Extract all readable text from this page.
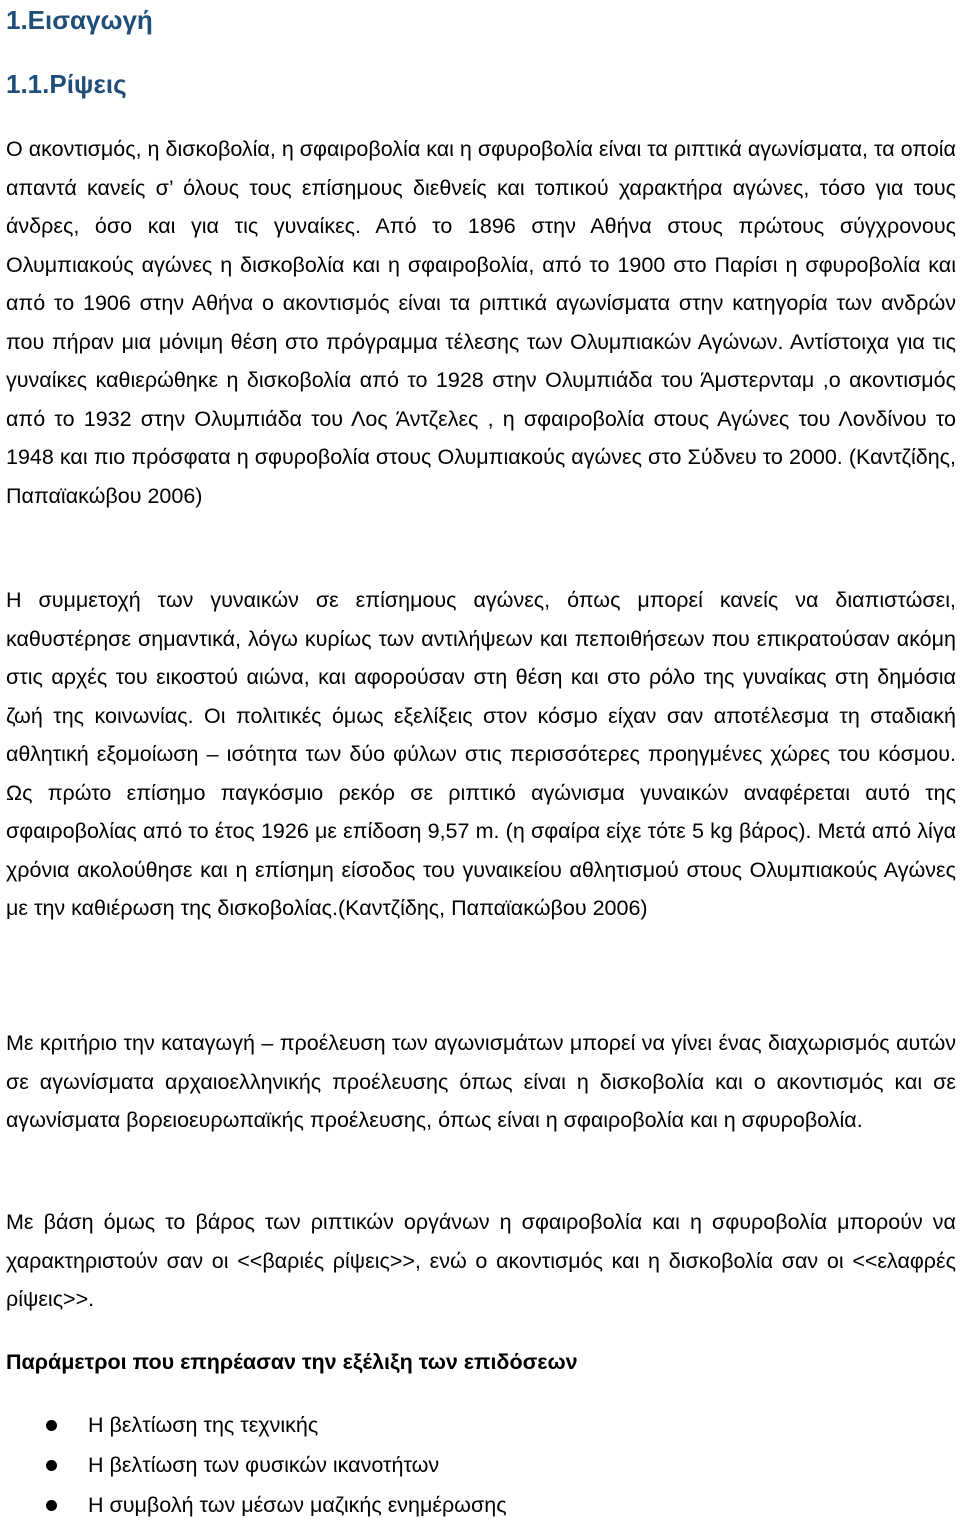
1.Εισαγωγή
1.1.Ρίψεις

Ο ακοντισμός, η δισκοβολία, η σφαιροβολία και η σφυροβολία είναι τα ριπτικά αγωνίσματα, τα οποία απαντά κανείς σ’ όλους τους επίσημους διεθνείς και τοπικού χαρακτήρα αγώνες, τόσο για τους άνδρες, όσο και για τις γυναίκες. Από το 1896 στην Αθήνα στους πρώτους σύγχρονους Ολυμπιακούς αγώνες η δισκοβολία και η σφαιροβολία, από το 1900 στο Παρίσι η σφυροβολία και από το 1906 στην Αθήνα ο ακοντισμός είναι τα ριπτικά αγωνίσματα στην κατηγορία των ανδρών που πήραν μια μόνιμη θέση στο πρόγραμμα τέλεσης των Ολυμπιακών Αγώνων. Αντίστοιχα για τις γυναίκες καθιερώθηκε η δισκοβολία από το 1928 στην Ολυμπιάδα του Άμστερνταμ ,ο ακοντισμός από το 1932 στην Ολυμπιάδα του Λος Άντζελες , η σφαιροβολία στους Αγώνες του Λονδίνου το 1948 και πιο πρόσφατα η σφυροβολία στους Ολυμπιακούς αγώνες στο Σύδνευ το 2000. (Καντζίδης, Παπαϊακώβου 2006)

Η συμμετοχή των γυναικών σε επίσημους αγώνες, όπως μπορεί κανείς να διαπιστώσει, καθυστέρησε σημαντικά, λόγω κυρίως των αντιλήψεων και πεποιθήσεων που επικρατούσαν ακόμη στις αρχές του εικοστού αιώνα, και αφορούσαν στη θέση και στο ρόλο της γυναίκας στη δημόσια ζωή της κοινωνίας. Οι πολιτικές όμως εξελίξεις στον κόσμο είχαν σαν αποτέλεσμα τη σταδιακή αθλητική εξομοίωση – ισότητα των δύο φύλων στις περισσότερες προηγμένες χώρες του κόσμου. Ως πρώτο επίσημο παγκόσμιο ρεκόρ σε ριπτικό αγώνισμα γυναικών αναφέρεται αυτό της σφαιροβολίας από το έτος 1926 με επίδοση 9,57 m. (η σφαίρα είχε τότε 5 kg βάρος). Μετά από λίγα χρόνια ακολούθησε και η επίσημη είσοδος του γυναικείου αθλητισμού στους Ολυμπιακούς Αγώνες με την καθιέρωση της δισκοβολίας.(Καντζίδης, Παπαϊακώβου 2006)

Με κριτήριο την καταγωγή – προέλευση των αγωνισμάτων μπορεί να γίνει ένας διαχωρισμός αυτών σε αγωνίσματα αρχαιοελληνικής προέλευσης όπως είναι η δισκοβολία και ο ακοντισμός και σε αγωνίσματα βορειοευρωπαϊκής προέλευσης, όπως είναι η σφαιροβολία και η σφυροβολία.

Με βάση όμως το βάρος των ριπτικών οργάνων η σφαιροβολία και η σφυροβολία μπορούν να χαρακτηριστούν σαν οι <<βαριές ρίψεις>>, ενώ ο ακοντισμός και η δισκοβολία σαν οι <<ελαφρές ρίψεις>>.

Παράμετροι που επηρέασαν την εξέλιξη των επιδόσεων

Η βελτίωση της τεχνικής
Η βελτίωση των φυσικών ικανοτήτων
Η συμβολή των μέσων μαζικής ενημέρωσης
